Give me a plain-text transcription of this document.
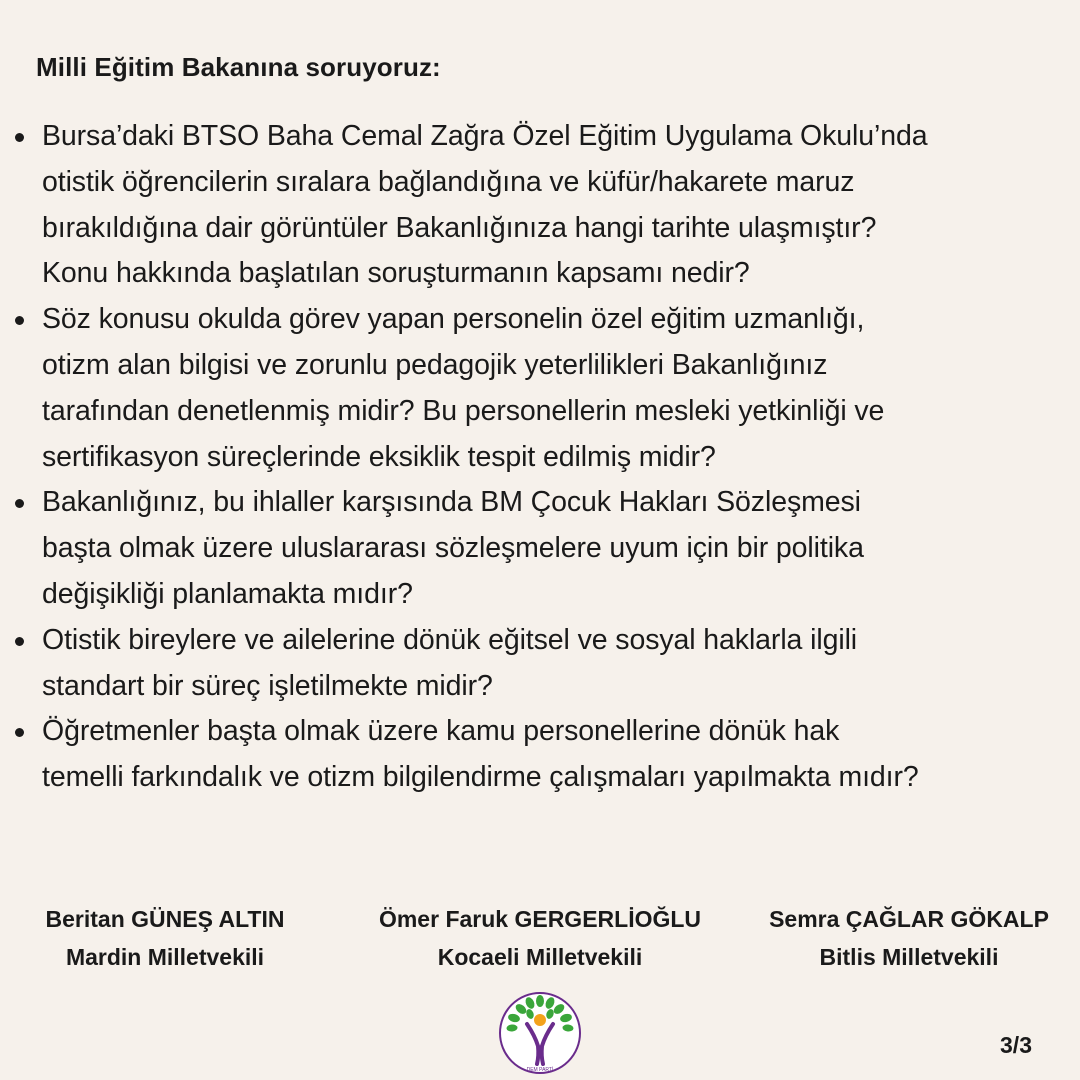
Milli Eğitim Bakanına soruyoruz:
Bursa’daki BTSO Baha Cemal Zağra Özel Eğitim Uygulama Okulu’nda
otistik öğrencilerin sıralara bağlandığına ve küfür/hakarete maruz
bırakıldığına dair görüntüler Bakanlığınıza hangi tarihte ulaşmıştır?
Konu hakkında başlatılan soruşturmanın kapsamı nedir?
Söz konusu okulda görev yapan personelin özel eğitim uzmanlığı,
otizm alan bilgisi ve zorunlu pedagojik yeterlilikleri Bakanlığınız
tarafından denetlenmiş midir? Bu personellerin mesleki yetkinliği ve
sertifikasyon süreçlerinde eksiklik tespit edilmiş midir?
Bakanlığınız, bu ihlaller karşısında BM Çocuk Hakları Sözleşmesi
başta olmak üzere uluslararası sözleşmelere uyum için bir politika
değişikliği planlamakta mıdır?
Otistik bireylere ve ailelerine dönük eğitsel ve sosyal haklarla ilgili
standart bir süreç işletilmekte midir?
Öğretmenler başta olmak üzere kamu personellerine dönük hak
temelli farkındalık ve otizm bilgilendirme çalışmaları yapılmakta mıdır?
Beritan GÜNEŞ ALTIN
Mardin Milletvekili
Ömer Faruk GERGERLİOĞLU
Kocaeli Milletvekili
Semra ÇAĞLAR GÖKALP
Bitlis Milletvekili
DEM PARTİ
3/3
